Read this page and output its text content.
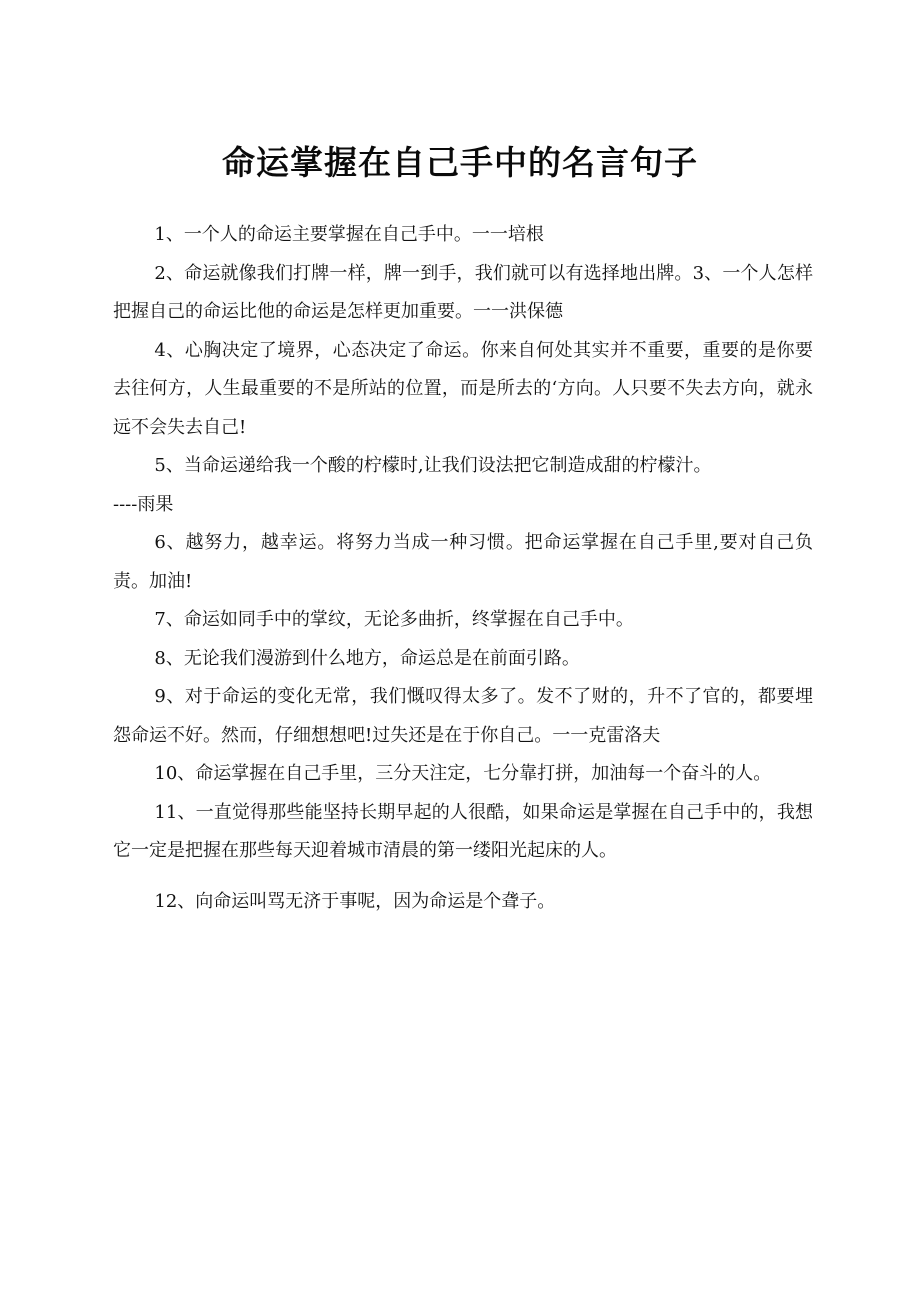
命运掌握在自己手中的名言句子

1、一个人的命运主要掌握在自己手中。一一培根

2、命运就像我们打牌一样，牌一到手，我们就可以有选择地出牌。3、一个人怎样把握自己的命运比他的命运是怎样更加重要。一一洪保德

4、心胸决定了境界，心态决定了命运。你来自何处其实并不重要，重要的是你要去往何方，人生最重要的不是所站的位置，而是所去的‘方向。人只要不失去方向，就永远不会失去自己!

5、当命运递给我一个酸的柠檬时,让我们设法把它制造成甜的柠檬汁。

----雨果

6、越努力，越幸运。将努力当成一种习惯。把命运掌握在自己手里,要对自己负责。加油!

7、命运如同手中的掌纹，无论多曲折，终掌握在自己手中。

8、无论我们漫游到什么地方，命运总是在前面引路。

9、对于命运的变化无常，我们慨叹得太多了。发不了财的，升不了官的，都要埋怨命运不好。然而，仔细想想吧!过失还是在于你自己。一一克雷洛夫

10、命运掌握在自己手里，三分天注定，七分靠打拼，加油每一个奋斗的人。

11、一直觉得那些能坚持长期早起的人很酷，如果命运是掌握在自己手中的，我想它一定是把握在那些每天迎着城市清晨的第一缕阳光起床的人。

12、向命运叫骂无济于事呢，因为命运是个聋子。
